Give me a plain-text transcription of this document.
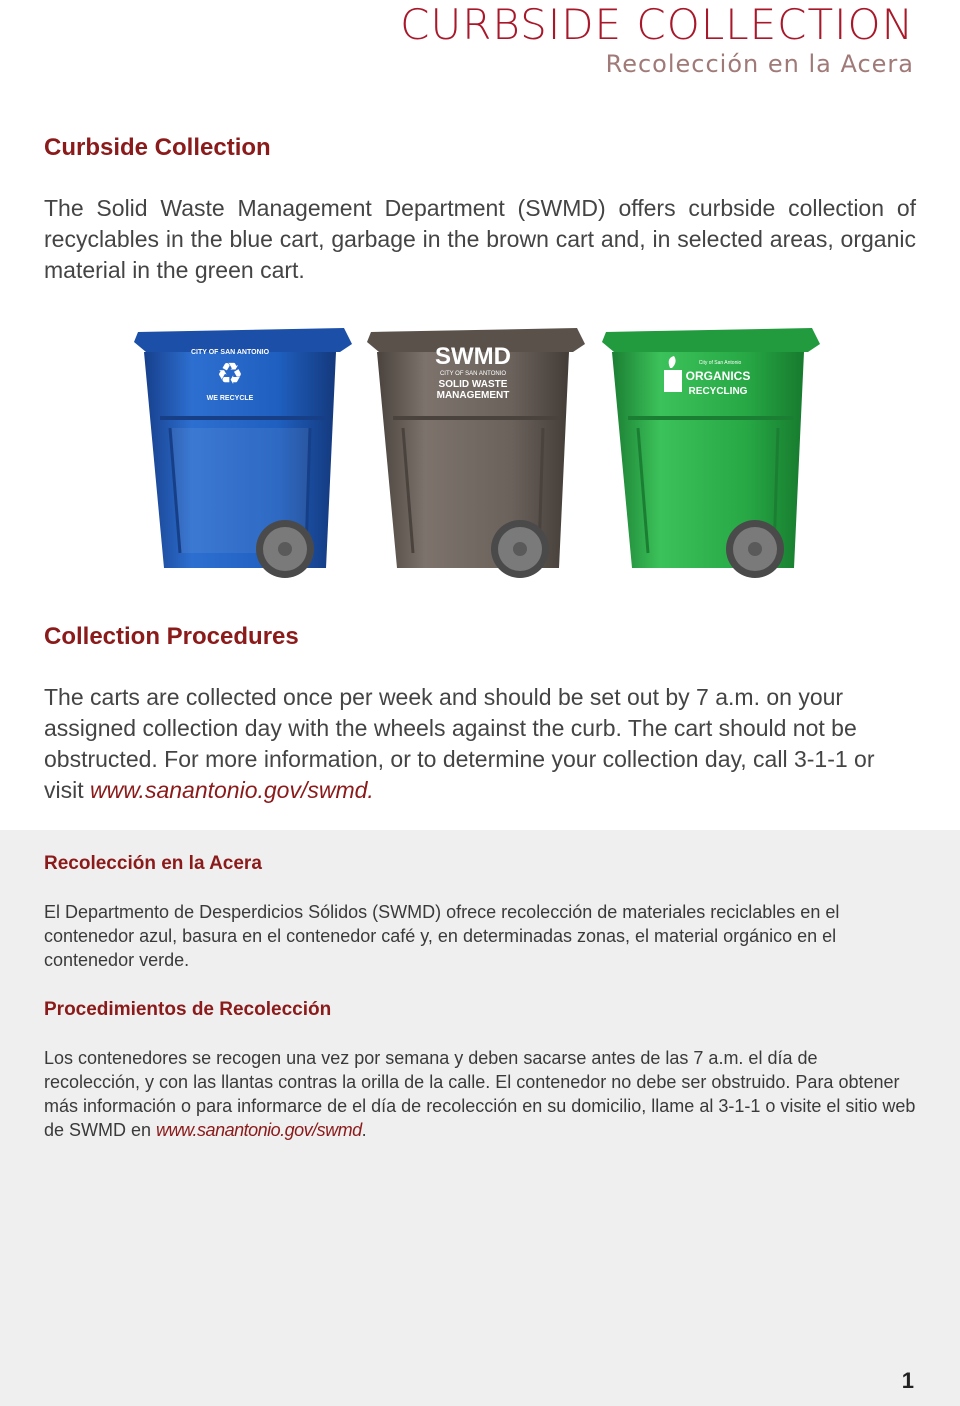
CURBSIDE COLLECTION
Recolección en la Acera
Curbside Collection

The Solid Waste Management Department (SWMD) offers curbside collection of recyclables in the blue cart, garbage in the brown cart and, in selected areas, organic material in the green cart.

CITY OF SAN ANTONIO
♻
WE RECYCLE
SWMD
CITY OF SAN ANTONIO
SOLID WASTE
MANAGEMENT
City of San Antonio
ORGANICS
RECYCLING
Collection Procedures

The carts are collected once per week and should be set out by 7 a.m. on your assigned collection day with the wheels against the curb. The cart should not be obstructed. For more information, or to determine your collection day, call 3-1-1 or visit www.sanantonio.gov/swmd.

Recolección en la Acera

El Departmento de Desperdicios Sólidos (SWMD) ofrece recolección de materiales reciclables en el contenedor azul, basura en el contenedor café y, en determinadas zonas, el material orgánico en el contenedor verde.

Procedimientos de Recolección

Los contenedores se recogen una vez por semana y deben sacarse antes de las 7 a.m. el día de recolección, y con las llantas contras la orilla de la calle. El contenedor no debe ser obstruido. Para obtener más información o para informarce de el día de recolección en su domicilio, llame al 3-1-1 o visite el sitio web de SWMD en www.sanantonio.gov/swmd.

1
